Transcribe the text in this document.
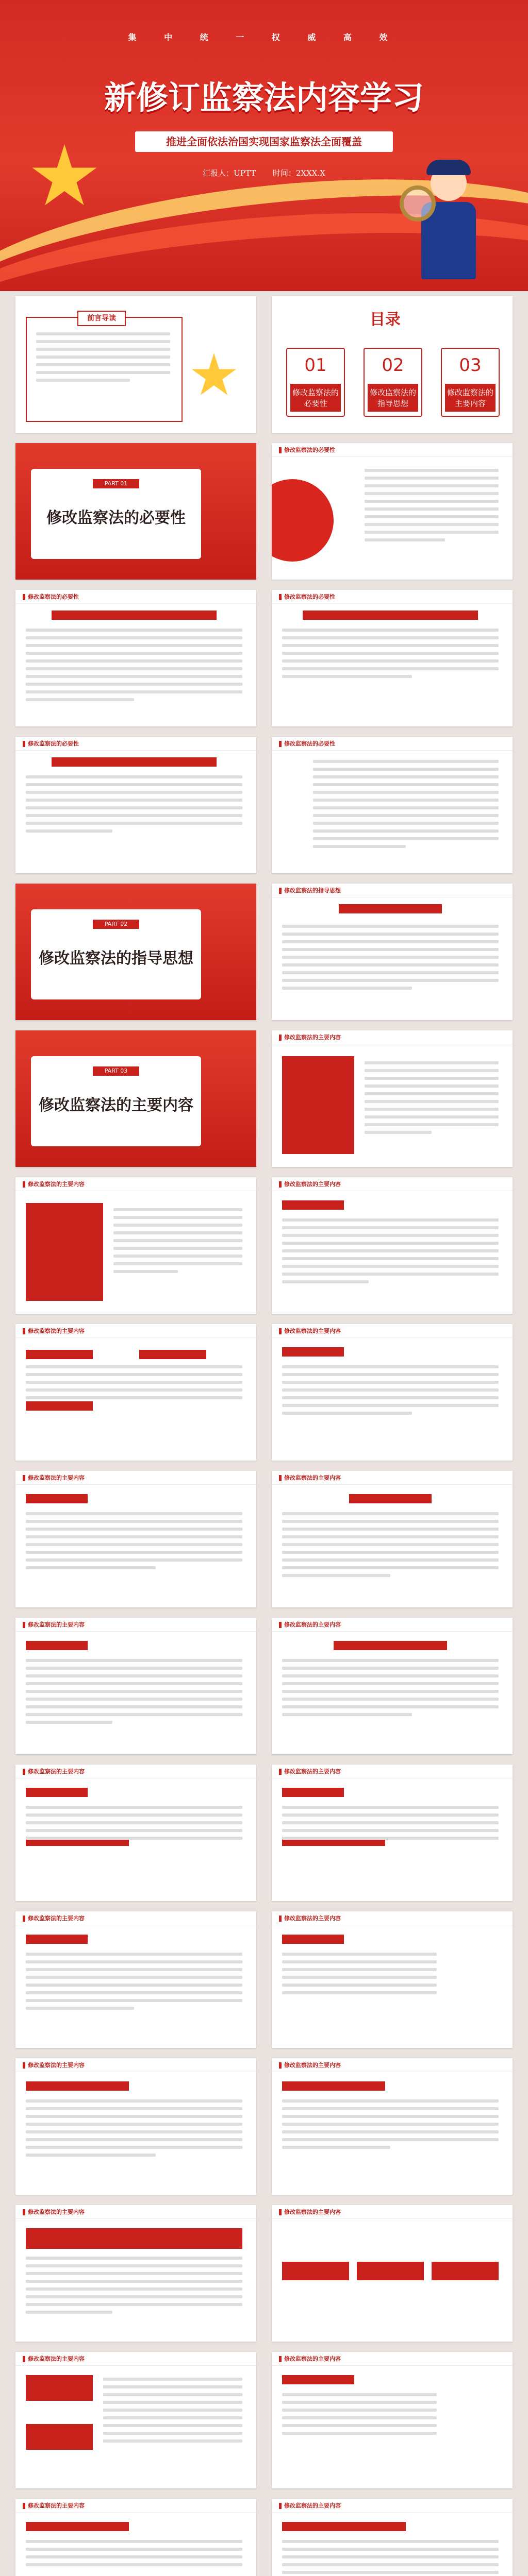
集 中 统 一 权 威 高 效
新修订监察法内容学习
推进全面依法治国实现国家监察法全面覆盖
汇报人：UPTT 时间：2XXX.X
前言导读	目录
01
修改监察法的必要性
02
修改监察法的指导思想
03
修改监察法的主要内容
PART 01
修改监察法的必要性
修改监察法的必要性
修改监察法的必要性	修改监察法的必要性
修改监察法的必要性	修改监察法的必要性
PART 02
修改监察法的指导思想
修改监察法的指导思想
PART 03
修改监察法的主要内容
修改监察法的主要内容
修改监察法的主要内容	修改监察法的主要内容
修改监察法的主要内容	修改监察法的主要内容
修改监察法的主要内容	修改监察法的主要内容
修改监察法的主要内容	修改监察法的主要内容
修改监察法的主要内容	修改监察法的主要内容
修改监察法的主要内容	修改监察法的主要内容
修改监察法的主要内容	修改监察法的主要内容
修改监察法的主要内容	修改监察法的主要内容
修改监察法的主要内容	修改监察法的主要内容
修改监察法的主要内容	修改监察法的主要内容
